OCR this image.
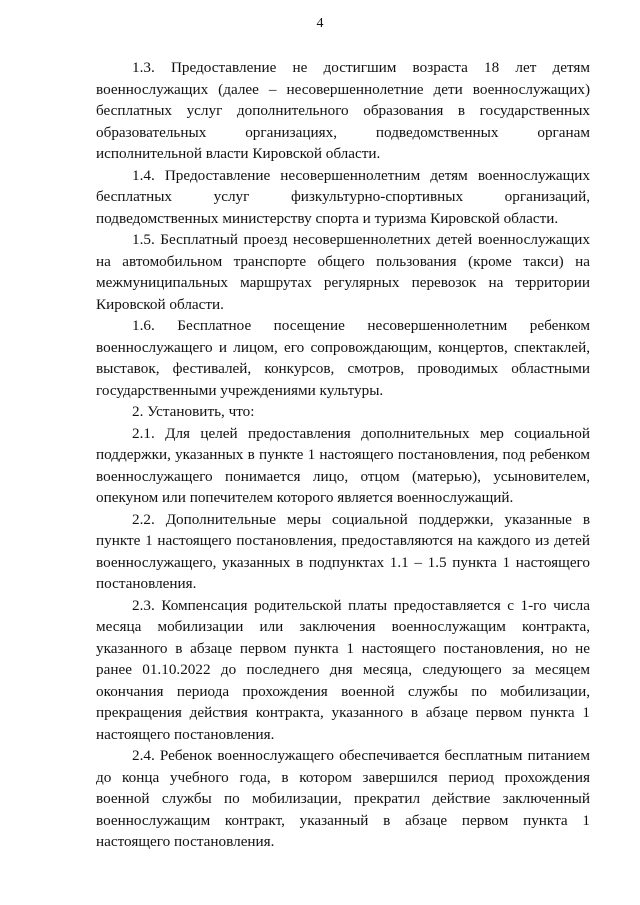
4

1.3. Предоставление не достигшим возраста 18 лет детям военнослужащих (далее – несовершеннолетние дети военнослужащих) бесплатных услуг дополнительного образования в государственных образовательных организациях, подведомственных органам исполнительной власти Кировской области.

1.4. Предоставление несовершеннолетним детям военнослужащих бесплатных услуг физкультурно-спортивных организаций, подведомственных министерству спорта и туризма Кировской области.

1.5. Бесплатный проезд несовершеннолетних детей военнослужащих на автомобильном транспорте общего пользования (кроме такси) на межмуниципальных маршрутах регулярных перевозок на территории Кировской области.

1.6. Бесплатное посещение несовершеннолетним ребенком военнослужащего и лицом, его сопровождающим, концертов, спектаклей, выставок, фестивалей, конкурсов, смотров, проводимых областными государственными учреждениями культуры.

2. Установить, что:

2.1. Для целей предоставления дополнительных мер социальной поддержки, указанных в пункте 1 настоящего постановления, под ребенком военнослужащего понимается лицо, отцом (матерью), усыновителем, опекуном или попечителем которого является военнослужащий.

2.2. Дополнительные меры социальной поддержки, указанные в пункте 1 настоящего постановления, предоставляются на каждого из детей военнослужащего, указанных в подпунктах 1.1 – 1.5 пункта 1 настоящего постановления.

2.3. Компенсация родительской платы предоставляется с 1-го числа месяца мобилизации или заключения военнослужащим контракта, указанного в абзаце первом пункта 1 настоящего постановления, но не ранее 01.10.2022 до последнего дня месяца, следующего за месяцем окончания периода прохождения военной службы по мобилизации, прекращения действия контракта, указанного в абзаце первом пункта 1 настоящего постановления.

2.4. Ребенок военнослужащего обеспечивается бесплатным питанием до конца учебного года, в котором завершился период прохождения военной службы по мобилизации, прекратил действие заключенный военнослужащим контракт, указанный в абзаце первом пункта 1 настоящего постановления.
